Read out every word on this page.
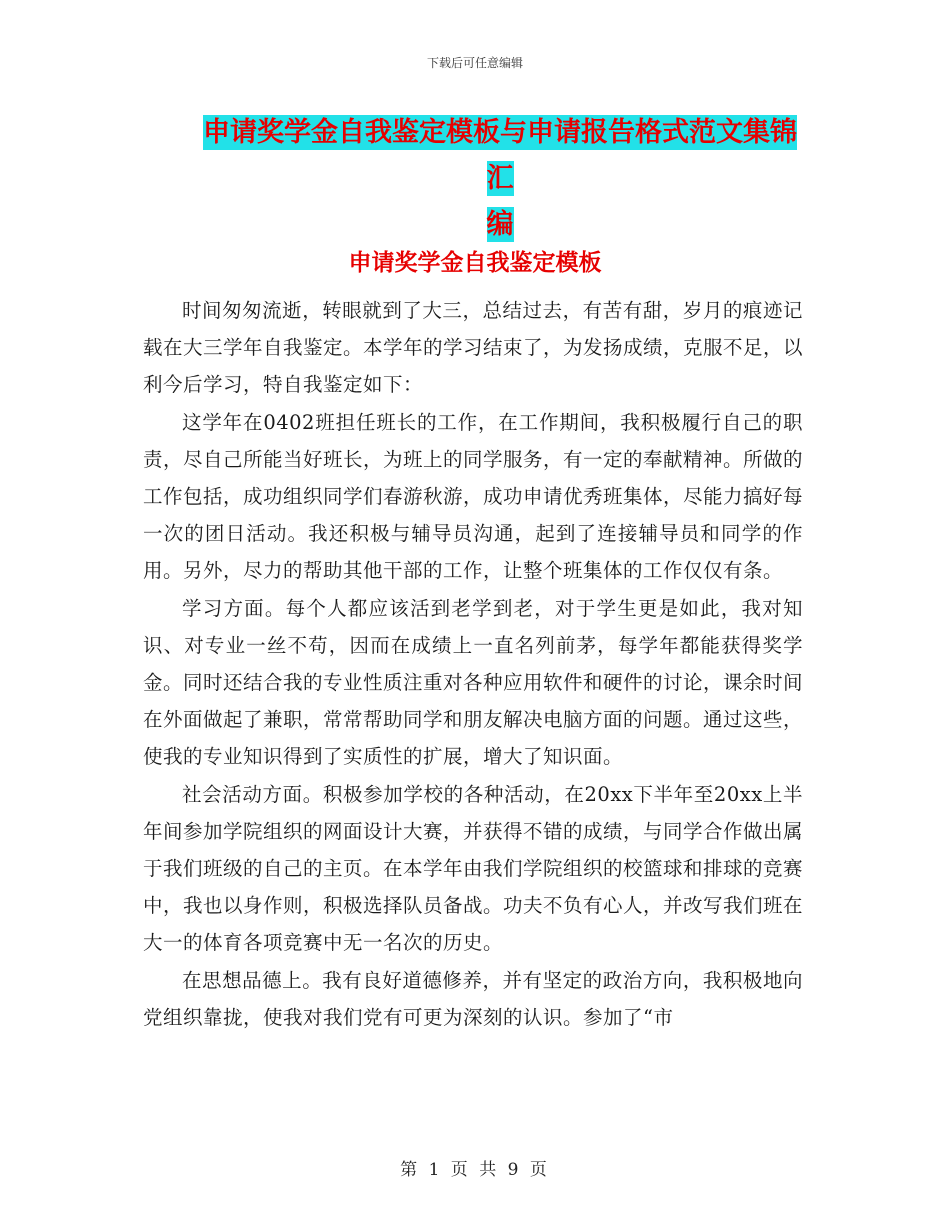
下载后可任意编辑
申请奖学金自我鉴定模板与申请报告格式范文集锦汇
编
申请奖学金自我鉴定模板

时间匆匆流逝，转眼就到了大三，总结过去，有苦有甜，岁月的痕迹记载在大三学年自我鉴定。本学年的学习结束了，为发扬成绩，克服不足，以利今后学习，特自我鉴定如下：

这学年在0402班担任班长的工作，在工作期间，我积极履行自己的职责，尽自己所能当好班长，为班上的同学服务，有一定的奉献精神。所做的工作包括，成功组织同学们春游秋游，成功申请优秀班集体，尽能力搞好每一次的团日活动。我还积极与辅导员沟通，起到了连接辅导员和同学的作用。另外，尽力的帮助其他干部的工作，让整个班集体的工作仅仅有条。

学习方面。每个人都应该活到老学到老，对于学生更是如此，我对知识、对专业一丝不苟，因而在成绩上一直名列前茅，每学年都能获得奖学金。同时还结合我的专业性质注重对各种应用软件和硬件的讨论，课余时间在外面做起了兼职，常常帮助同学和朋友解决电脑方面的问题。通过这些，使我的专业知识得到了实质性的扩展，增大了知识面。

社会活动方面。积极参加学校的各种活动，在20xx下半年至20xx上半年间参加学院组织的网面设计大赛，并获得不错的成绩，与同学合作做出属于我们班级的自己的主页。在本学年由我们学院组织的校篮球和排球的竞赛中，我也以身作则，积极选择队员备战。功夫不负有心人，并改写我们班在大一的体育各项竞赛中无一名次的历史。

在思想品德上。我有良好道德修养，并有坚定的政治方向，我积极地向党组织靠拢，使我对我们党有可更为深刻的认识。参加了“市

第 1 页 共 9 页
